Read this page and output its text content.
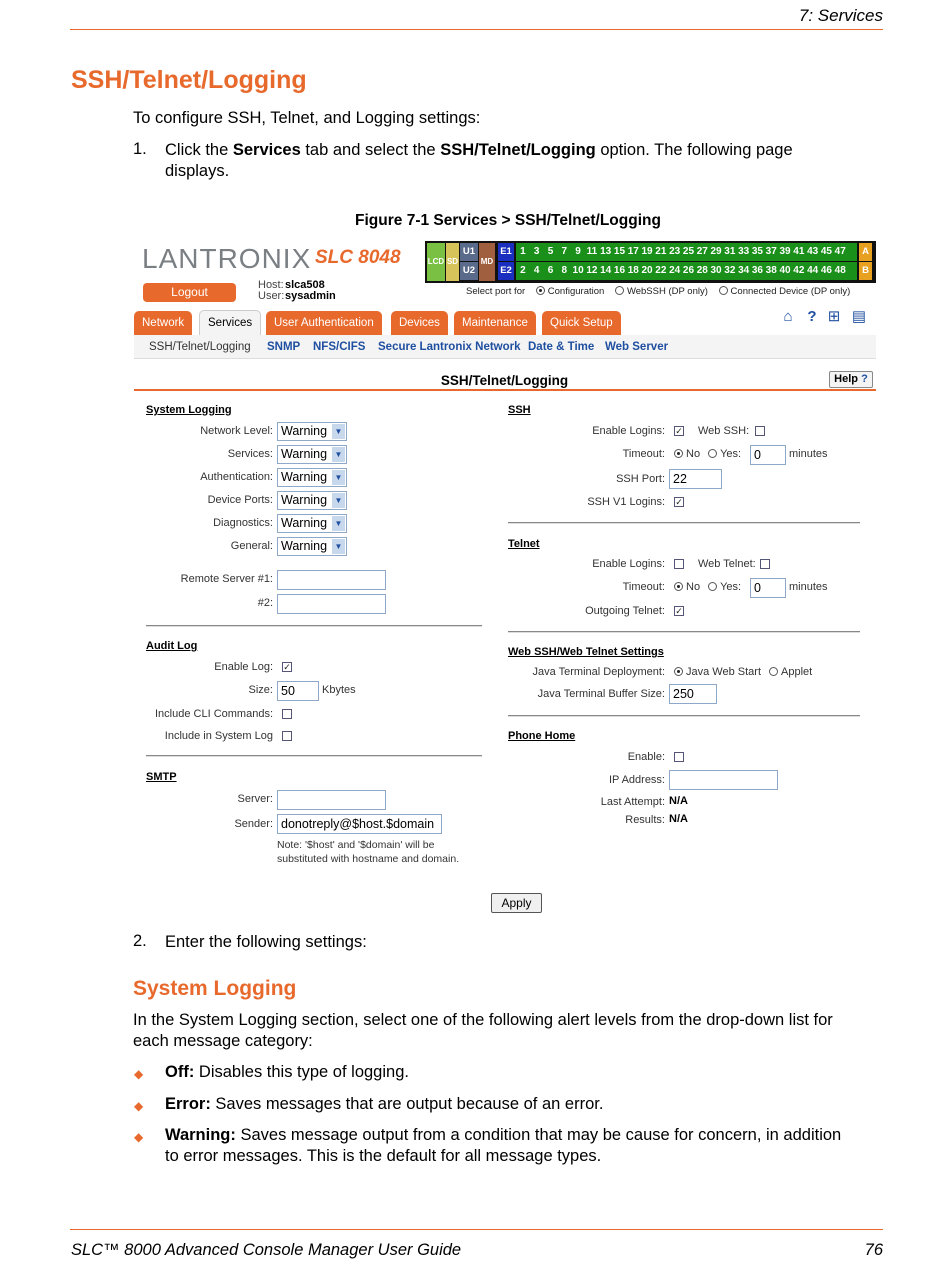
7: Services
SSH/Telnet/Logging
To configure SSH, Telnet, and Logging settings:
1. Click the Services tab and select the SSH/Telnet/Logging option. The following page
displays.
Figure 7-1 Services > SSH/Telnet/Logging
LANTRONIX SLC 8048
Logout	Host: slca508
User: sysadmin
LCD SD
U1
U2
MD
E1
E2
1 3 5 7 9 11 13 15 17 19 21 23 25 27 29 31 33 35 37 39 41 43 45 47
2 4 6 8 10 12 14 16 18 20 22 24 26 28 30 32 34 36 38 40 42 44 46 48
A
B
Select port for Configuration WebSSH (DP only) Connected Device (DP only)
Network	Services	User Authentication	Devices	Maintenance	Quick Setup	⌂ ? ⊞ ▤
SSH/Telnet/Logging SNMP NFS/CIFS Secure Lantronix Network Date & Time Web Server
SSH/Telnet/Logging	Help ?
System Logging
Network Level: Warning ▼
Services: Warning ▼
Authentication: Warning ▼
Device Ports: Warning ▼
Diagnostics: Warning ▼
General: Warning ▼
Remote Server #1:
#2:
Audit Log
Enable Log: ✓
Size: 50	Kbytes
Include CLI Commands:
Include in System Log
SMTP
Server:
Sender: donotreply@$host.$domain
Note: '$host' and '$domain' will be
substituted with hostname and domain.
SSH
Enable Logins: ✓ Web SSH:
Timeout:	No Yes:	0	minutes
SSH Port: 22
SSH V1 Logins: ✓
Telnet
Enable Logins:	Web Telnet:
Timeout:	No Yes:	0	minutes
Outgoing Telnet: ✓
Web SSH/Web Telnet Settings
Java Terminal Deployment:	Java Web Start Applet
Java Terminal Buffer Size: 250
Phone Home
Enable:
IP Address:
Last Attempt: N/A
Results: N/A
Apply
2. Enter the following settings:
System Logging
In the System Logging section, select one of the following alert levels from the drop-down list for
each message category:
◆ Off: Disables this type of logging.
◆ Error: Saves messages that are output because of an error.
◆ Warning: Saves message output from a condition that may be cause for concern, in addition
to error messages. This is the default for all message types.
SLC™ 8000 Advanced Console Manager User Guide	76
